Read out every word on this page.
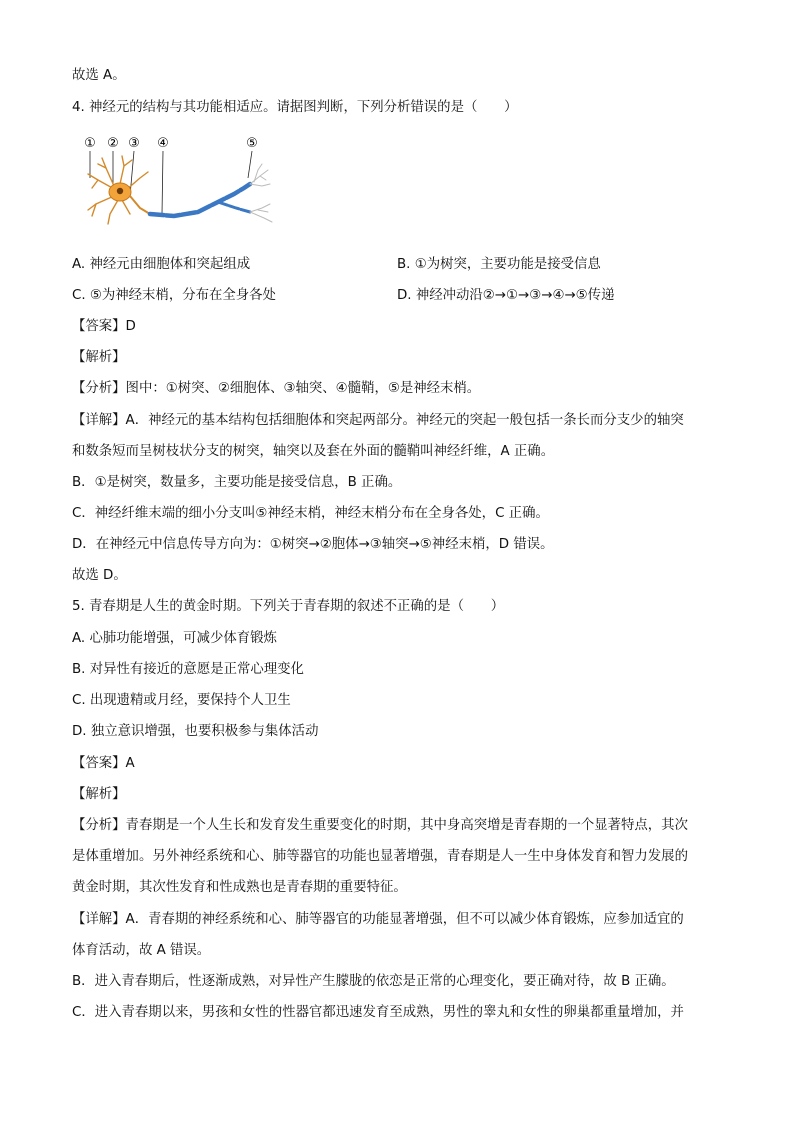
故选 A。
4. 神经元的结构与其功能相适应。请据图判断，下列分析错误的是（　　）
① ② ③ ④	⑤
A. 神经元由细胞体和突起组成	B. ①为树突，主要功能是接受信息
C. ⑤为神经末梢，分布在全身各处	D. 神经冲动沿②→①→③→④→⑤传递
【答案】D
【解析】
【分析】图中：①树突、②细胞体、③轴突、④髓鞘，⑤是神经末梢。
【详解】A．神经元的基本结构包括细胞体和突起两部分。神经元的突起一般包括一条长而分支少的轴突
和数条短而呈树枝状分支的树突，轴突以及套在外面的髓鞘叫神经纤维，A 正确。
B．①是树突，数量多，主要功能是接受信息，B 正确。
C．神经纤维末端的细小分支叫⑤神经末梢，神经末梢分布在全身各处，C 正确。
D．在神经元中信息传导方向为：①树突→②胞体→③轴突→⑤神经末梢，D 错误。
故选 D。
5. 青春期是人生的黄金时期。下列关于青春期的叙述不正确的是（　　）
A. 心肺功能增强，可减少体育锻炼
B. 对异性有接近的意愿是正常心理变化
C. 出现遗精或月经，要保持个人卫生
D. 独立意识增强，也要积极参与集体活动
【答案】A
【解析】
【分析】青春期是一个人生长和发育发生重要变化的时期，其中身高突增是青春期的一个显著特点，其次
是体重增加。另外神经系统和心、肺等器官的功能也显著增强，青春期是人一生中身体发育和智力发展的
黄金时期，其次性发育和性成熟也是青春期的重要特征。
【详解】A．青春期的神经系统和心、肺等器官的功能显著增强，但不可以减少体育锻炼，应参加适宜的
体育活动，故 A 错误。
B．进入青春期后，性逐渐成熟，对异性产生朦胧的依恋是正常的心理变化，要正确对待，故 B 正确。
C．进入青春期以来，男孩和女性的性器官都迅速发育至成熟，男性的睾丸和女性的卵巢都重量增加，并
